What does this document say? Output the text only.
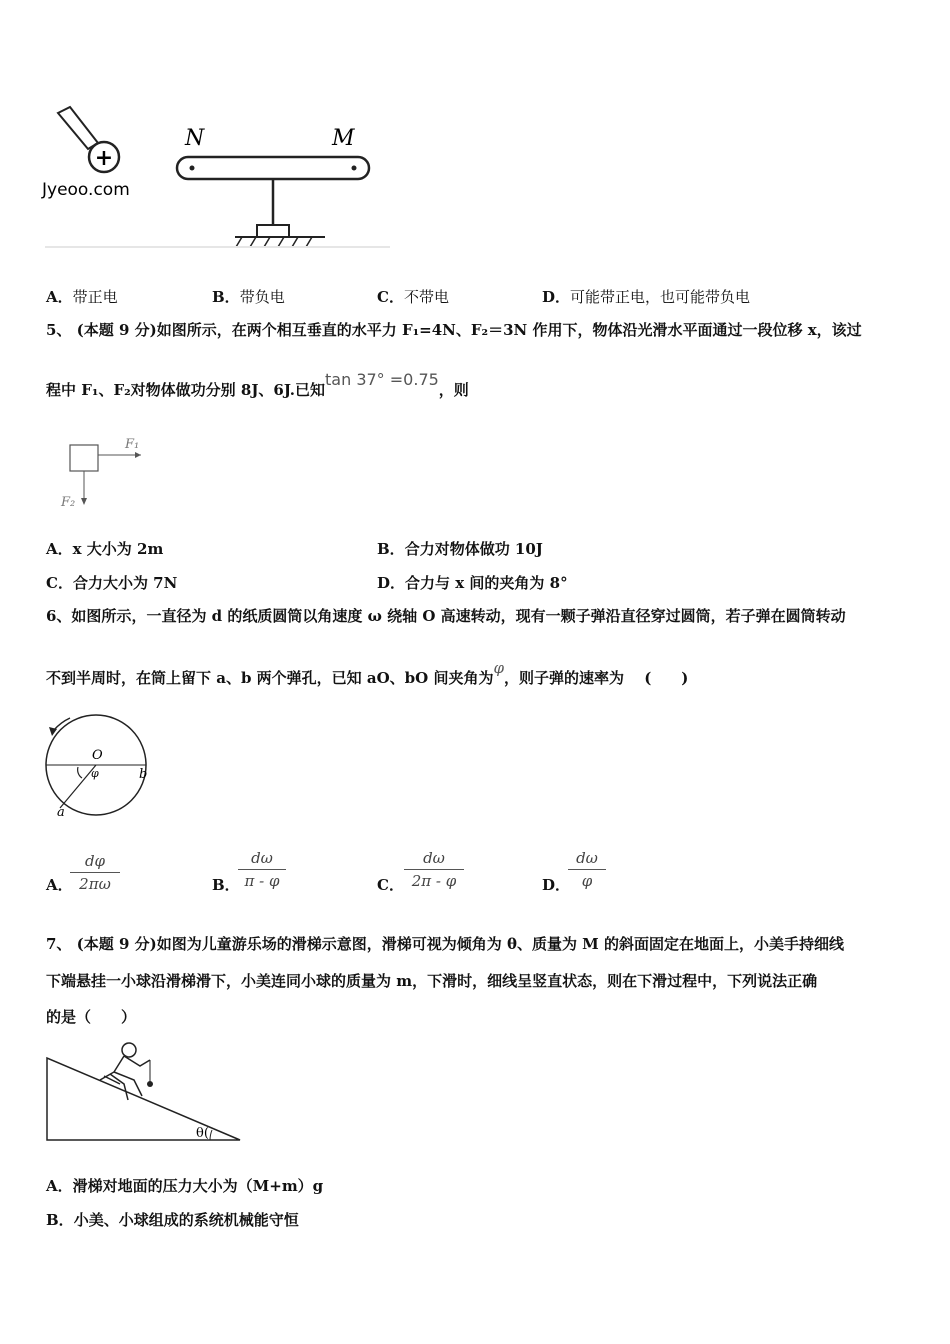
+
Jyeoo.com
N	M
A．带正电	B．带负电	C．不带电	D．可能带正电，也可能带负电
5、 (本题 9 分)如图所示，在两个相互垂直的水平力 F₁=4N、F₂＝3N 作用下，物体沿光滑水平面通过一段位移 x，该过
程中 F₁、F₂对物体做功分别 8J、6J.已知tan 37° =0.75，则
F₁
F₂
A．x 大小为 2m	B．合力对物体做功 10J
C．合力大小为 7N	D．合力与 x 间的夹角为 8°
6、如图所示，一直径为 d 的纸质圆筒以角速度 ω 绕轴 O 高速转动，现有一颗子弹沿直径穿过圆筒，若子弹在圆筒转动
不到半周时，在筒上留下 a、b 两个弹孔，已知 aO、bO 间夹角为φ，则子弹的速率为　 (　　)
O
φ	b
a
A．
dφ
2πω	B．
dω
π - φ	C．
dω
2π - φ	D．
dω
φ
7、 (本题 9 分)如图为儿童游乐场的滑梯示意图，滑梯可视为倾角为 θ、质量为 M 的斜面固定在地面上，小美手持细线
下端悬挂一小球沿滑梯滑下，小美连同小球的质量为 m，下滑时，细线呈竖直状态，则在下滑过程中，下列说法正确
的是（　　）
θ(
A．滑梯对地面的压力大小为（M+m）g
B．小美、小球组成的系统机械能守恒
